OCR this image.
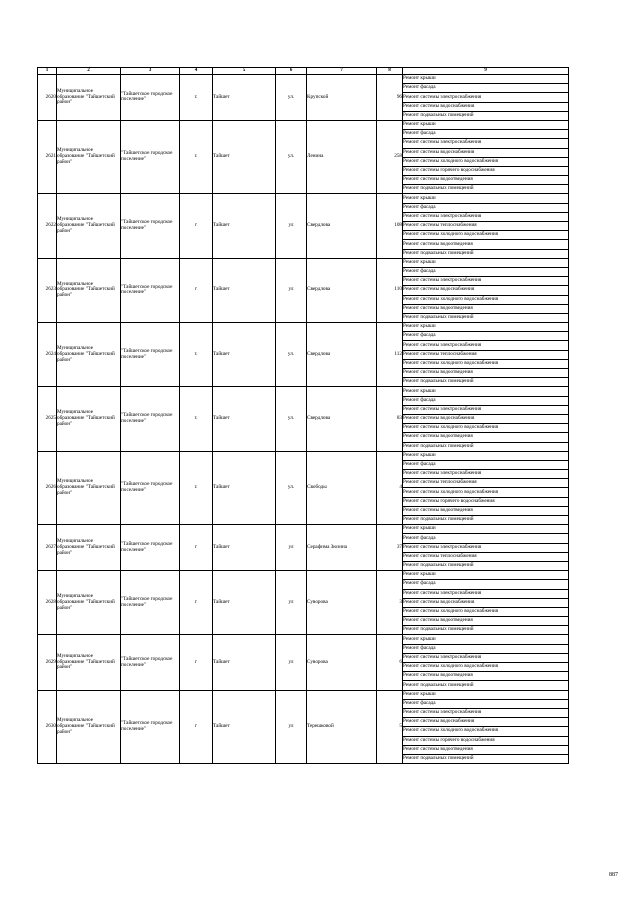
1	2	3	4	5	6	7	8	9
2620	Муниципальное образование "Тайшетский район"	"Тайшетское городское поселение"	г.	Тайшет	ул.	Крупской	96	Ремонт крыши
								Ремонт фасада
								Ремонт системы электроснабжения
								Ремонт системы водоснабжения
								Ремонт подвальных помещений
2621	Муниципальное образование "Тайшетский район"	"Тайшетское городское поселение"	г.	Тайшет	ул.	Ленина	258	Ремонт крыши
								Ремонт фасада
								Ремонт системы электроснабжения
								Ремонт системы водоснабжения
								Ремонт системы холодного водоснабжения
								Ремонт системы горячего водоснабжения
								Ремонт системы водоотведения
								Ремонт подвальных помещений
2622	Муниципальное образование "Тайшетский район"	"Тайшетское городское поселение"	г	Тайшет	ул	Свердлова	108	Ремонт крыши
								Ремонт фасада
								Ремонт системы электроснабжения
								Ремонт системы теплоснабжения
								Ремонт системы холодного водоснабжения
								Ремонт системы водоотведения
								Ремонт подвальных помещений
2623	Муниципальное образование "Тайшетский район"	"Тайшетское городское поселение"	г	Тайшет	ул	Свердлова	110	Ремонт крыши
								Ремонт фасада
								Ремонт системы электроснабжения
								Ремонт системы водоснабжения
								Ремонт системы холодного водоснабжения
								Ремонт системы водоотведения
								Ремонт подвальных помещений
2624	Муниципальное образование "Тайшетский район"	"Тайшетское городское поселение"	г.	Тайшет	ул.	Свердлова	112	Ремонт крыши
								Ремонт фасада
								Ремонт системы электроснабжения
								Ремонт системы теплоснабжения
								Ремонт системы холодного водоснабжения
								Ремонт системы водоотведения
								Ремонт подвальных помещений
2625	Муниципальное образование "Тайшетский район"	"Тайшетское городское поселение"	г.	Тайшет	ул.	Свердлова	83	Ремонт крыши
								Ремонт фасада
								Ремонт системы электроснабжения
								Ремонт системы водоснабжения
								Ремонт системы холодного водоснабжения
								Ремонт системы водоотведения
								Ремонт подвальных помещений
2626	Муниципальное образование "Тайшетский район"	"Тайшетское городское поселение"	г.	Тайшет	ул.	Свободы	4	Ремонт крыши
								Ремонт фасада
								Ремонт системы электроснабжения
								Ремонт системы теплоснабжения
								Ремонт системы холодного водоснабжения
								Ремонт системы горячего водоснабжения
								Ремонт системы водоотведения
								Ремонт подвальных помещений
2627	Муниципальное образование "Тайшетский район"	"Тайшетское городское поселение"	г	Тайшет	ул	Серафима Зюзина	37	Ремонт крыши
								Ремонт фасада
								Ремонт системы электроснабжения
								Ремонт системы теплоснабжения
								Ремонт подвальных помещений
2628	Муниципальное образование "Тайшетский район"	"Тайшетское городское поселение"	г	Тайшет	ул	Суворова	3	Ремонт крыши
								Ремонт фасада
								Ремонт системы электроснабжения
								Ремонт системы водоснабжения
								Ремонт системы холодного водоснабжения
								Ремонт системы водоотведения
								Ремонт подвальных помещений
2629	Муниципальное образование "Тайшетский район"	"Тайшетское городское поселение"	г	Тайшет	ул	Суворова	6	Ремонт крыши
								Ремонт фасада
								Ремонт системы электроснабжения
								Ремонт системы холодного водоснабжения
								Ремонт системы водоотведения
								Ремонт подвальных помещений
2630	Муниципальное образование "Тайшетский район"	"Тайшетское городское поселение"	г	Тайшет	ул	Терешковой	5	Ремонт крыши
								Ремонт фасада
								Ремонт системы электроснабжения
								Ремонт системы водоснабжения
								Ремонт системы холодного водоснабжения
								Ремонт системы горячего водоснабжения
								Ремонт системы водоотведения
								Ремонт подвальных помещений
887
